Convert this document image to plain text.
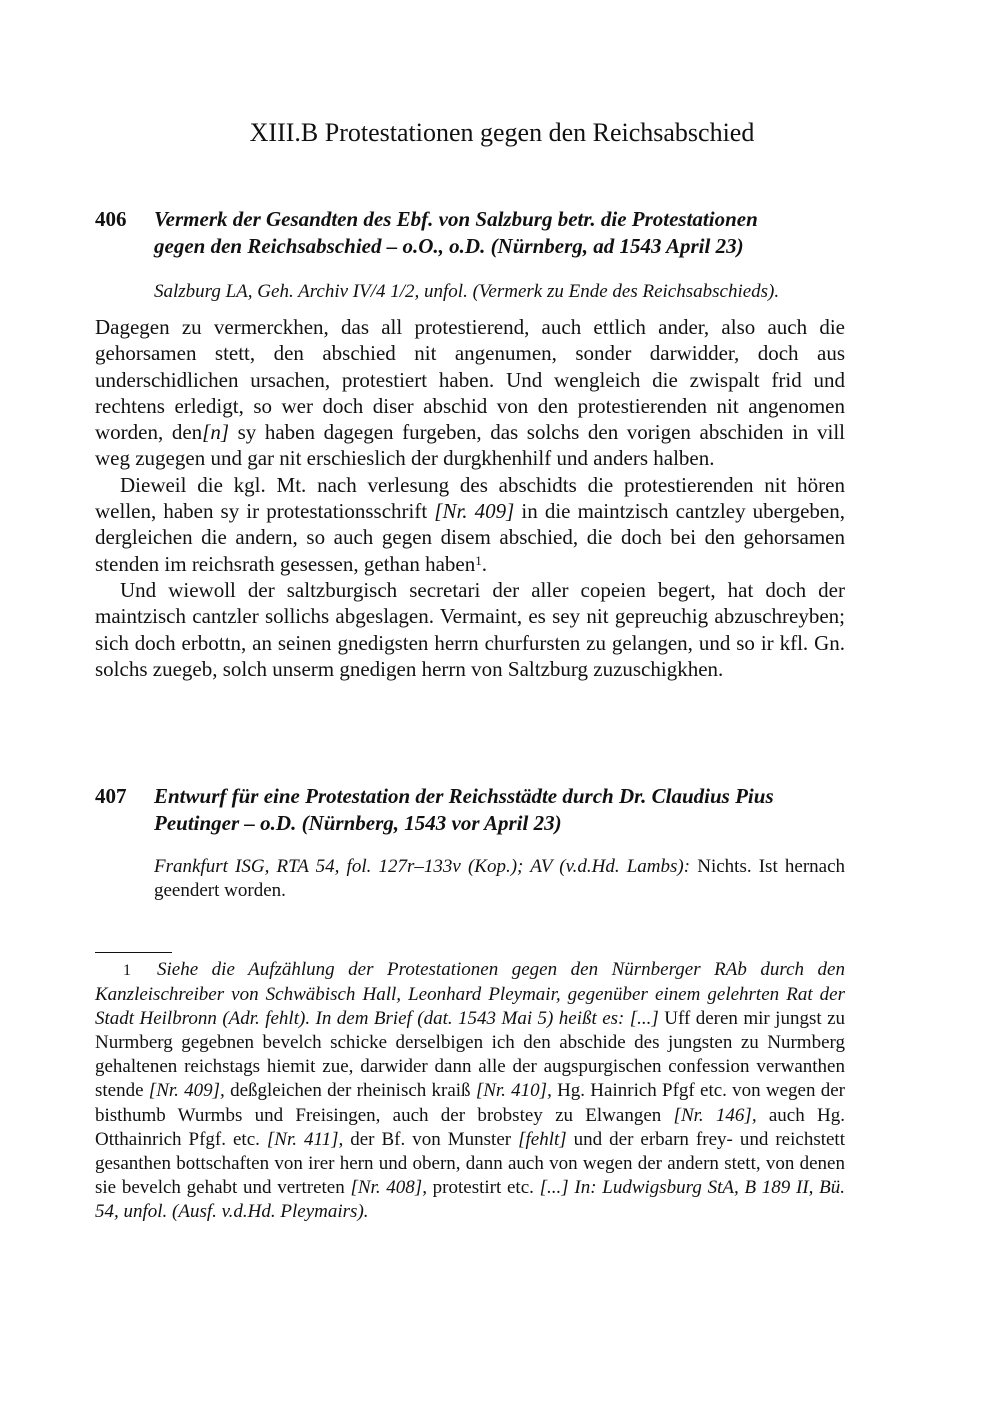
XIII.B Protestationen gegen den Reichsabschied
406 Vermerk der Gesandten des Ebf. von Salzburg betr. die Protestationen
gegen den Reichsabschied – o.O., o.D. (Nürnberg, ad 1543 April 23)
Salzburg LA, Geh. Archiv IV/4 1/2, unfol. (Vermerk zu Ende des Reichsabschieds).

Dagegen zu vermerckhen, das all protestierend, auch ettlich ander, also auch die gehorsamen stett, den abschied nit angenumen, sonder darwidder, doch aus underschidlichen ursachen, protestiert haben. Und wengleich die zwispalt frid und rechtens erledigt, so wer doch diser abschid von den protestierenden nit angenomen worden, den[n] sy haben dagegen furgeben, das solchs den vorigen abschiden in vill weg zugegen und gar nit erschieslich der durgkhenhilf und anders halben.

Dieweil die kgl. Mt. nach verlesung des abschidts die protestierenden nit hören wellen, haben sy ir protestationsschrift [Nr. 409] in die maintzisch cantzley ubergeben, dergleichen die andern, so auch gegen disem abschied, die doch bei den gehorsamen stenden im reichsrath gesessen, gethan haben$^1$.

Und wiewoll der saltzburgisch secretari der aller copeien begert, hat doch der maintzisch cantzler sollichs abgeslagen. Vermaint, es sey nit gepreuchig abzuschreyben; sich doch erbottn, an seinen gnedigsten herrn churfursten zu gelangen, und so ir kfl. Gn. solchs zuegeb, solch unserm gnedigen herrn von Saltzburg zuzuschigkhen.

407 Entwurf für eine Protestation der Reichsstädte durch Dr. Claudius Pius
Peutinger – o.D. (Nürnberg, 1543 vor April 23)
Frankfurt ISG, RTA 54, fol. 127r–133v (Kop.); AV (v.d.Hd. Lambs): Nichts. Ist hernach geendert worden.
1 Siehe die Aufzählung der Protestationen gegen den Nürnberger RAb durch den Kanzleischreiber von Schwäbisch Hall, Leonhard Pleymair, gegenüber einem gelehrten Rat der Stadt Heilbronn (Adr. fehlt). In dem Brief (dat. 1543 Mai 5) heißt es: [...] Uff deren mir jungst zu Nurmberg gegebnen bevelch schicke derselbigen ich den abschide des jungsten zu Nurmberg gehaltenen reichstags hiemit zue, darwider dann alle der augspurgischen confession verwanthen stende [Nr. 409], deßgleichen der rheinisch kraiß [Nr. 410], Hg. Hainrich Pfgf etc. von wegen der bisthumb Wurmbs und Freisingen, auch der brobstey zu Elwangen [Nr. 146], auch Hg. Otthainrich Pfgf. etc. [Nr. 411], der Bf. von Munster [fehlt] und der erbarn frey- und reichstett gesanthen bottschaften von irer hern und obern, dann auch von wegen der andern stett, von denen sie bevelch gehabt und vertreten [Nr. 408], protestirt etc. [...] In: Ludwigsburg StA, B 189 II, Bü. 54, unfol. (Ausf. v.d.Hd. Pleymairs).
